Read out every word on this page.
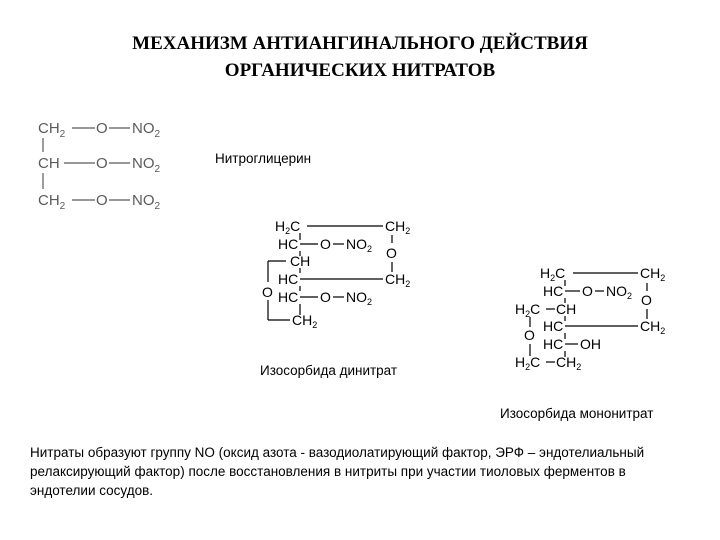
МЕХАНИЗМ АНТИАНГИНАЛЬНОГО ДЕЙСТВИЯ
ОРГАНИЧЕСКИХ НИТРАТОВ
$CH_2$ O $NO_2$
CH O $NO_2$
$CH_2$ O $NO_2$
Нитроглицерин
$H_2C$	$CH_2$
HC O $NO_2$ O
CH
HC	$CH_2$
O HC O $NO_2$
$CH_2$
Изосорбида динитрат
$H_2C$	$CH_2$
HC O $NO_2$ O
$H_2C$ CH
O
HC	$CH_2$
HC OH
$H_2C$ $CH_2$
Изосорбида мононитрат
Нитраты образуют группу NO (оксид азота - вазодиолатирующий фактор, ЭРФ – эндотелиальный релаксирующий фактор) после восстановления в нитриты при участии тиоловых ферментов в эндотелии сосудов.
